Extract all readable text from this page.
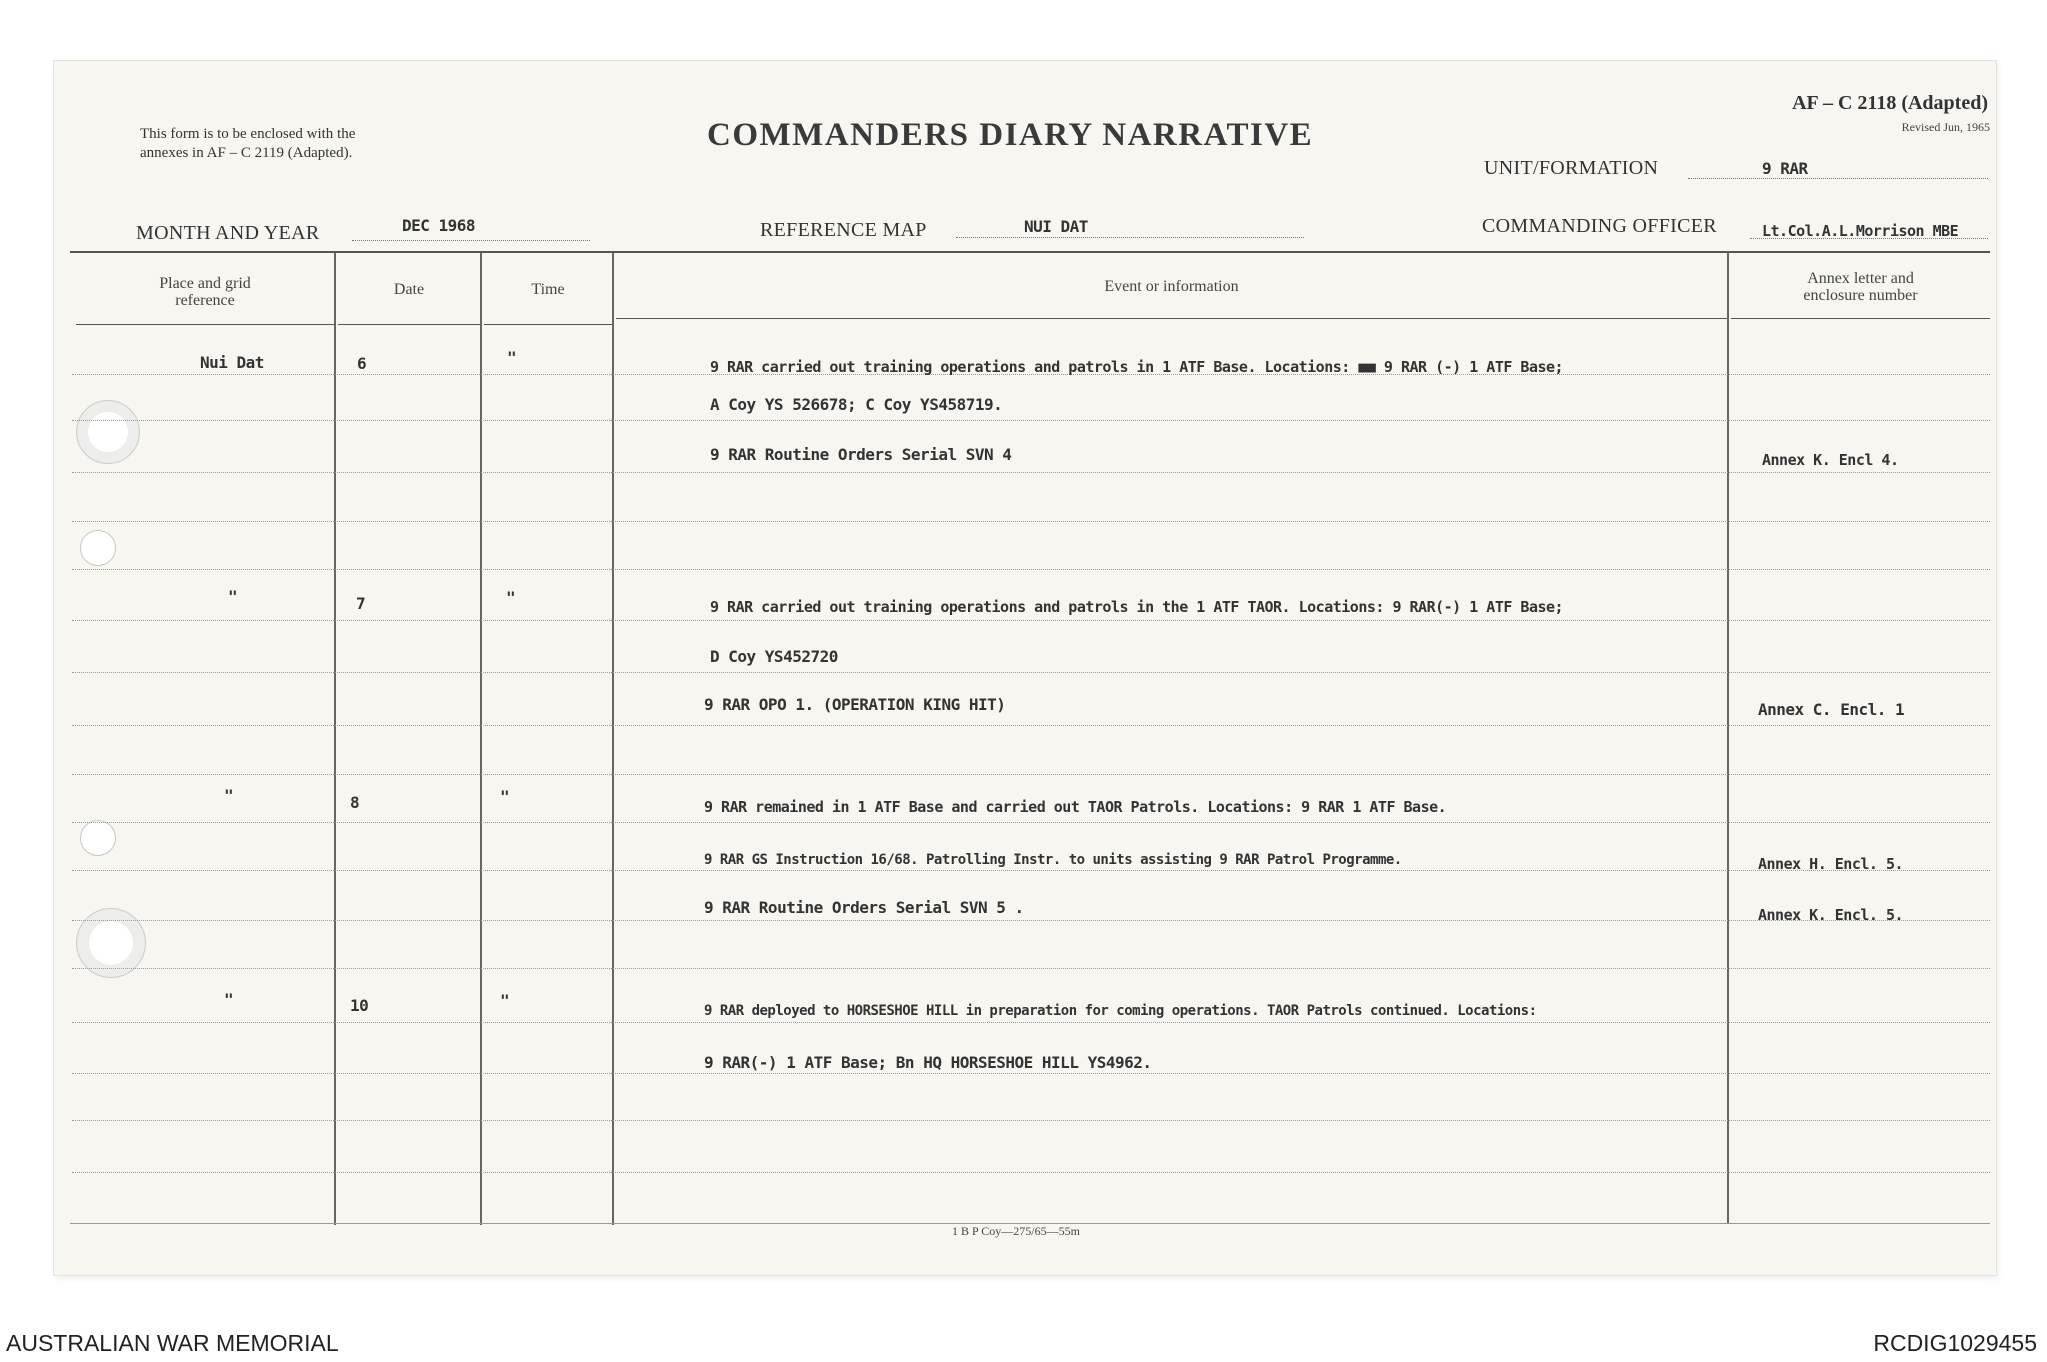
This form is to be enclosed with the
annexes in AF – C 2119 (Adapted).	COMMANDERS DIARY NARRATIVE
AF – C 2118 (Adapted)
Revised Jun, 1965
UNIT/FORMATION	9 RAR
MONTH AND YEAR	DEC 1968	REFERENCE MAP	NUI DAT	COMMANDING OFFICER	Lt.Col.A.L.Morrison MBE
Place and grid
reference
Date	Time	Event or information	Annex letter and
enclosure number
Nui Dat	6	"	9 RAR carried out training operations and patrols in 1 ATF Base. Locations: ■■ 9 RAR (-) 1 ATF Base;
A Coy YS 526678; C Coy YS458719.
9 RAR Routine Orders Serial SVN 4	Annex K. Encl 4.
"	7	"	9 RAR carried out training operations and patrols in the 1 ATF TAOR. Locations: 9 RAR(-) 1 ATF Base;
D Coy YS452720
9 RAR OPO 1. (OPERATION KING HIT)	Annex C. Encl. 1
"	8	"
9 RAR remained in 1 ATF Base and carried out TAOR Patrols. Locations: 9 RAR 1 ATF Base.
9 RAR GS Instruction 16/68. Patrolling Instr. to units assisting 9 RAR Patrol Programme.	Annex H. Encl. 5.
9 RAR Routine Orders Serial SVN 5 .	Annex K. Encl. 5.
"	10	"
9 RAR deployed to HORSESHOE HILL in preparation for coming operations. TAOR Patrols continued. Locations:
9 RAR(-) 1 ATF Base; Bn HQ HORSESHOE HILL YS4962.
1 B P Coy—275/65—55m
AUSTRALIAN WAR MEMORIAL	RCDIG1029455
